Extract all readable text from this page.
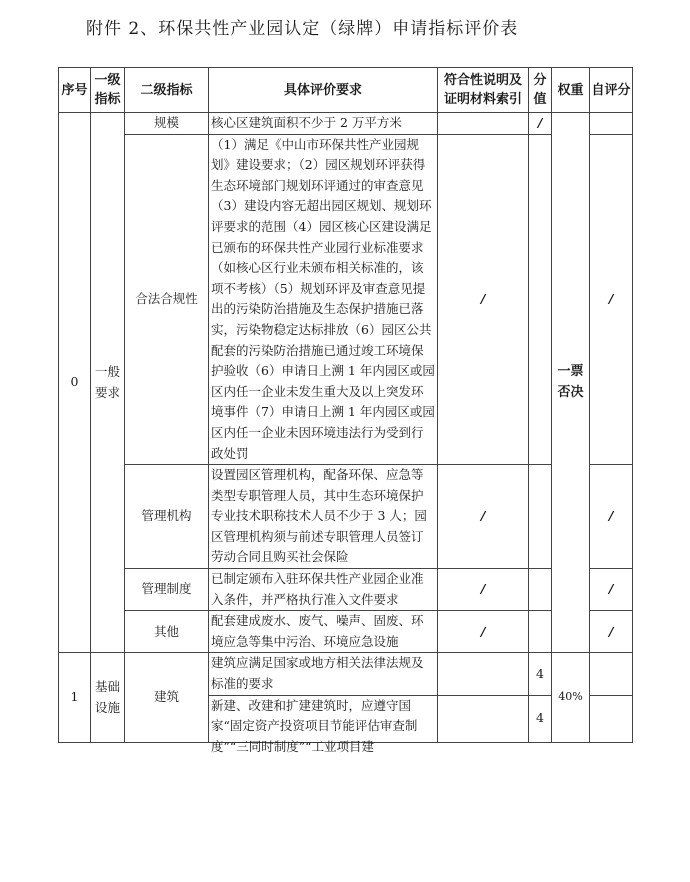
附件 2、环保共性产业园认定（绿牌）申请指标评价表
序号	一级指标	二级指标	具体评价要求	符合性说明及证明材料索引	分值	权重	自评分
0	一般要求	规模	核心区建筑面积不少于 2 万平方米		/	一票否决	
		合法合规性	（1）满足《中山市环保共性产业园规划》建设要求；（2）园区规划环评获得生态环境部门规划环评通过的审查意见（3）建设内容无超出园区规划、规划环评要求的范围（4）园区核心区建设满足已颁布的环保共性产业园行业标准要求（如核心区行业未颁布相关标准的，该项不考核）（5）规划环评及审查意见提出的污染防治措施及生态保护措施已落实，污染物稳定达标排放（6）园区公共配套的污染防治措施已通过竣工环境保护验收（6）申请日上溯 1 年内园区或园区内任一企业未发生重大及以上突发环境事件（7）申请日上溯 1 年内园区或园区内任一企业未因环境违法行为受到行政处罚	/			/
		管理机构	设置园区管理机构，配备环保、应急等类型专职管理人员，其中生态环境保护专业技术职称技术人员不少于 3 人；园区管理机构须与前述专职管理人员签订劳动合同且购买社会保险	/			/
		管理制度	已制定颁布入驻环保共性产业园企业准入条件，并严格执行准入文件要求	/			/
		其他	配套建成废水、废气、噪声、固废、环境应急等集中污治、环境应急设施	/			/
1	基础设施	建筑	建筑应满足国家或地方相关法律法规及标准的要求		4	40%	

			新建、改建和扩建建筑时，应遵守国家“固定资产投资项目节能评估审查制度”“三同时制度”“工业项目建		4		
